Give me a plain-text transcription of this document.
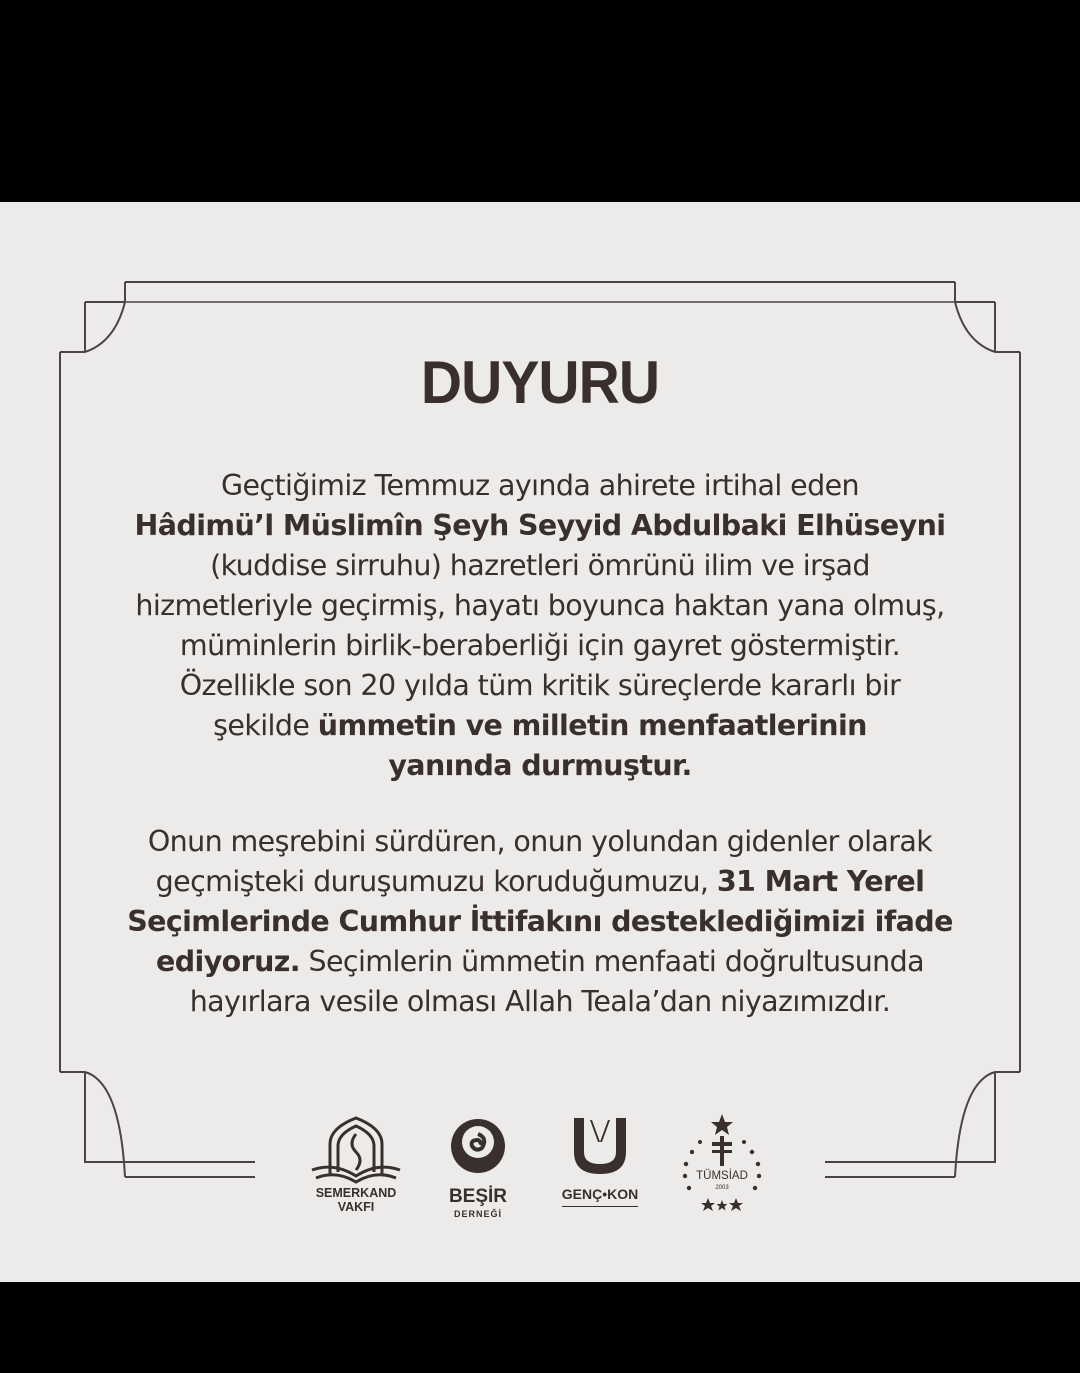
DUYURU
Geçtiğimiz Temmuz ayında ahirete irtihal eden
Hâdimü’l Müslimîn Şeyh Seyyid Abdulbaki Elhüseyni
(kuddise sirruhu) hazretleri ömrünü ilim ve irşad
hizmetleriyle geçirmiş, hayatı boyunca haktan yana olmuş,
müminlerin birlik-beraberliği için gayret göstermiştir.
Özellikle son 20 yılda tüm kritik süreçlerde kararlı bir
şekilde ümmetin ve milletin menfaatlerinin
yanında durmuştur.
Onun meşrebini sürdüren, onun yolundan gidenler olarak
geçmişteki duruşumuzu koruduğumuzu, 31 Mart Yerel
Seçimlerinde Cumhur İttifakını desteklediğimizi ifade
ediyoruz. Seçimlerin ümmetin menfaati doğrultusunda
hayırlara vesile olması Allah Teala’dan niyazımızdır.
SEMERKAND
VAKFI	BEŞİR
DERNEĞİ
GENÇ•KON
TÜMSİAD
2003
